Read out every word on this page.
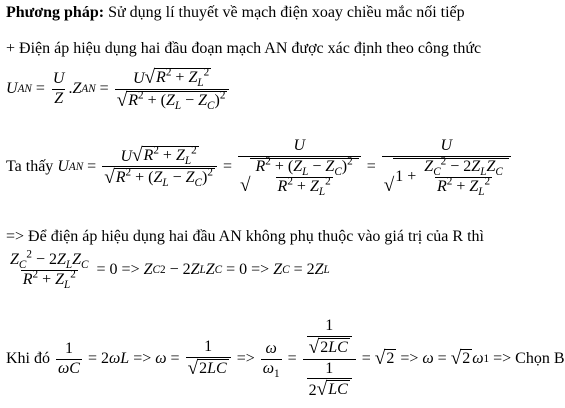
Phương pháp: Sử dụng lí thuyết về mạch điện xoay chiều mắc nối tiếp
+ Điện áp hiệu dụng hai đầu đoạn mạch AN được xác định theo công thức
U AN = $\frac{U}{Z}$ . Z AN = $\frac{U √ R^2 + Z_L^2}{√ R^2 + (Z_L - Z_C)^2}$
Ta thấy
U AN = $\frac{U √ R^2 + Z_L^2}{√ R^2 + (Z_L - Z_C)^2} = \frac{U}{√ \frac{R^2 + (Z_L - Z_C)^2}{R^2 + Z_L^2}} = \frac{U}{√ 1 + \frac{Z_C^2 - 2Z_LZ_C}{R^2 + Z_L^2}}$
=> Để điện áp hiệu dụng hai đầu AN không phụ thuộc vào giá trị của R thì
$\frac{Z_C^2 - 2Z_LZ_C}{R^2 + Z_L^2} = 0 => Z$ C 2 − 2 Z L Z C = 0 => Z C = 2 Z L
Khi đó
$\frac{1}{\omega C} = 2$ $\omega L => \omega = \frac{1}{√ 2LC} => \frac{\omega}{\omega_1} = \frac{\frac{1}{√ 2LC}}{\frac{1}{2 √ LC}}$ = √ 2 => ω = √ 2 ω 1
=> Chọn B
